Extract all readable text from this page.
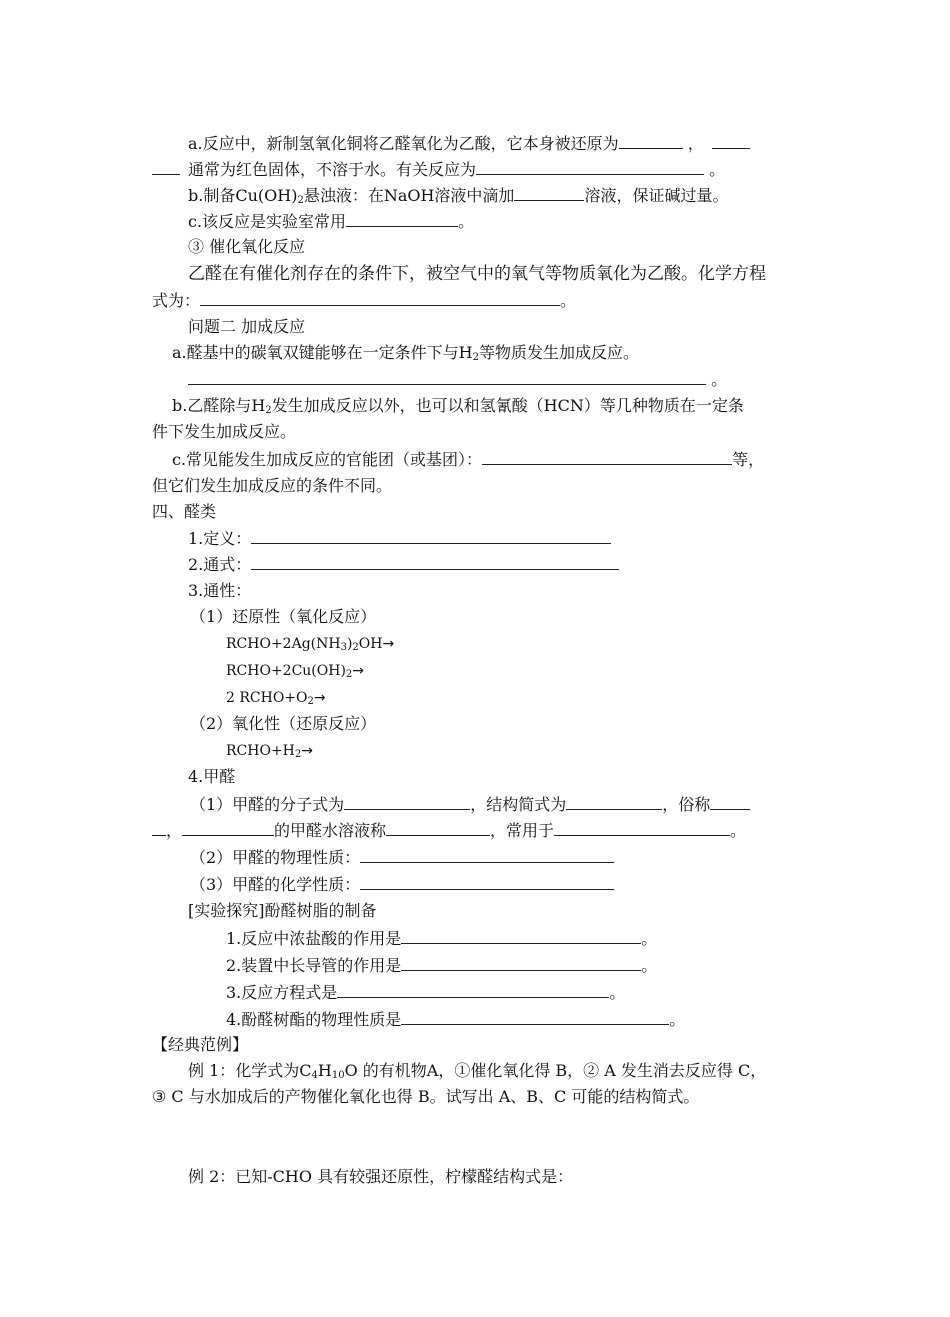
a.反应中，新制氢氧化铜将乙醛氧化为乙酸，它本身被还原为	，
通常为红色固体，不溶于水。有关反应为	。
b.制备$Cu(OH)_2$悬浊液：在NaOH溶液中滴加	溶液，保证碱过量。
c.该反应是实验室常用	。
③ 催化氧化反应
乙醛在有催化剂存在的条件下，被空气中的氧气等物质氧化为乙酸。化学方程
式为：	。
问题二 加成反应
a.醛基中的碳氧双键能够在一定条件下与$H_2$等物质发生加成反应。
。
b.乙醛除与$H_2$发生加成反应以外，也可以和氢氰酸（HCN）等几种物质在一定条
件下发生加成反应。
c.常见能发生加成反应的官能团（或基团）：	等，
但它们发生加成反应的条件不同。
四、醛类
1.定义：
2.通式：
3.通性：
（1）还原性（氧化反应）
$RCHO+2Ag(NH_3)_2OH\to$
$RCHO+2Cu(OH)_2\to$
2 $RCHO+O_2\to$
（2）氧化性（还原反应）
$RCHO+H_2\to$
4.甲醛
（1）甲醛的分子式为	，结构简式为	，俗称
，	的甲醛水溶液称	，常用于	。
（2）甲醛的物理性质：
（3）甲醛的化学性质：
[实验探究]酚醛树脂的制备
1.反应中浓盐酸的作用是	。
2.装置中长导管的作用是	。
3.反应方程式是	。
4.酚醛树酯的物理性质是	。
【经典范例】
例 1：化学式为$C_4H_{10}O$ 的有机物A，①催化氧化得 B，② A 发生消去反应得 C，
③ C 与水加成后的产物催化氧化也得 B。试写出 A、B、C 可能的结构简式。
例 2：已知-CHO 具有较强还原性，柠檬醛结构式是：
